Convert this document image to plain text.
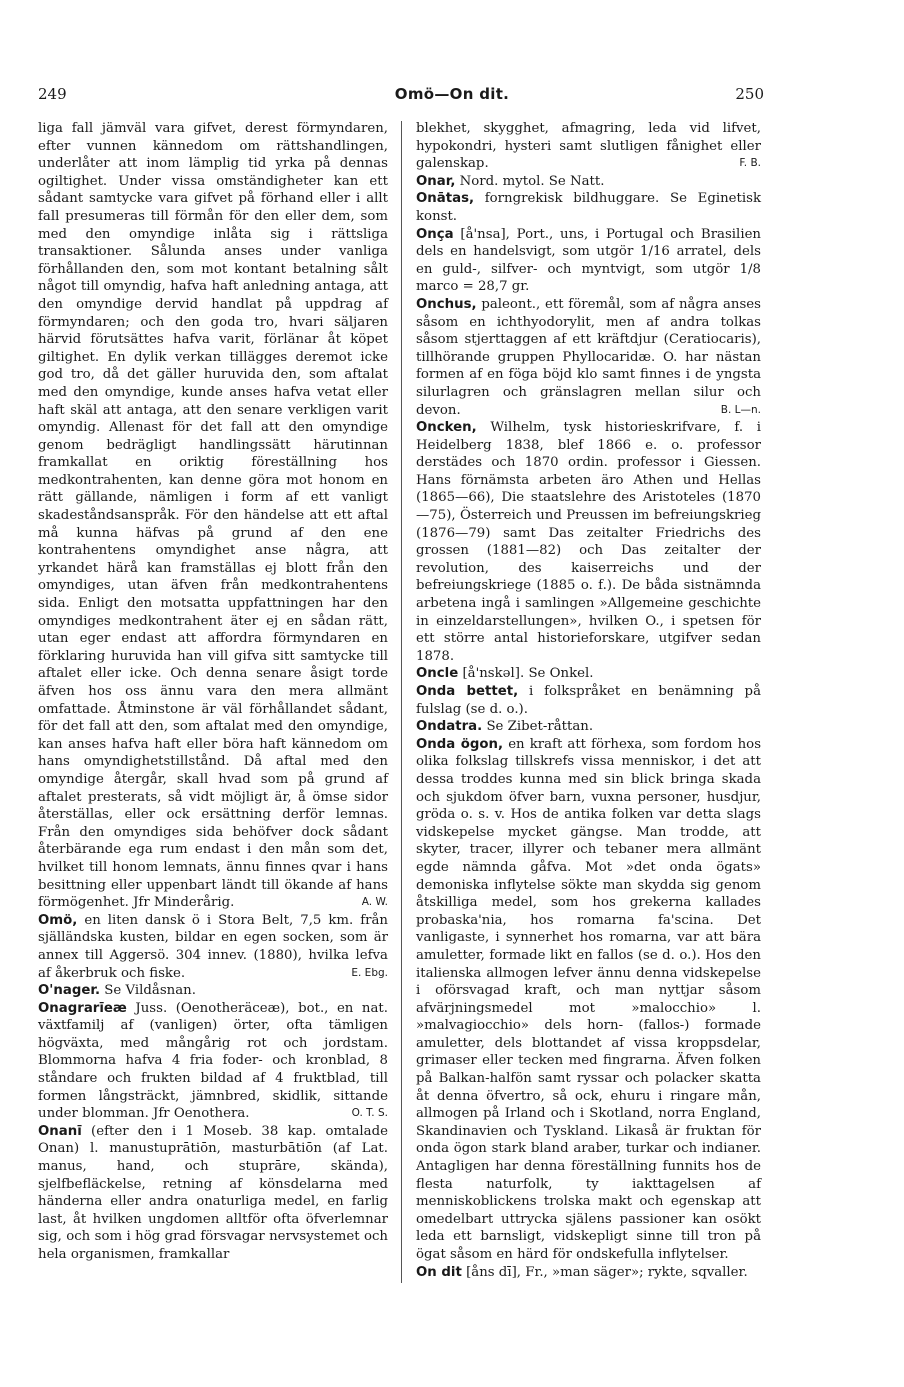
249	Omö—On dit.	250

liga fall jämväl vara gifvet, derest förmyndaren, efter vunnen kännedom om rättshandlingen, underlåter att inom lämplig tid yrka på dennas ogiltighet. Under vissa omständigheter kan ett sådant samtycke vara gifvet på förhand eller i allt fall presumeras till förmån för den eller dem, som med den omyndige inlåta sig i rättsliga transaktioner. Sålunda anses under vanliga förhållanden den, som mot kontant betalning sålt något till omyndig, hafva haft anledning antaga, att den omyndige dervid handlat på uppdrag af förmyndaren; och den goda tro, hvari säljaren härvid förutsättes hafva varit, förlänar åt köpet giltighet. En dylik verkan tillägges deremot icke god tro, då det gäller huruvida den, som aftalat med den omyndige, kunde anses hafva vetat eller haft skäl att antaga, att den senare verkligen varit omyndig. Allenast för det fall att den omyndige genom bedrägligt handlingssätt härutinnan framkallat en oriktig föreställning hos medkontrahenten, kan denne göra mot honom en rätt gällande, nämligen i form af ett vanligt skadeståndsanspråk. För den händelse att ett aftal må kunna häfvas på grund af den ene kontrahentens omyndighet anse några, att yrkandet härå kan framställas ej blott från den omyndiges, utan äfven från medkontrahentens sida. Enligt den motsatta uppfattningen har den omyndiges medkontrahent äter ej en sådan rätt, utan eger endast att affordra förmyndaren en förklaring huruvida han vill gifva sitt samtycke till aftalet eller icke. Och denna senare åsigt torde äfven hos oss ännu vara den mera allmänt omfattade. Åtminstone är väl förhållandet sådant, för det fall att den, som aftalat med den omyndige, kan anses hafva haft eller böra haft kännedom om hans omyndighetstillstånd. Då aftal med den omyndige återgår, skall hvad som på grund af aftalet presterats, så vidt möjligt är, å ömse sidor återställas, eller ock ersättning derför lemnas. Från den omyndiges sida behöfver dock sådant återbärande ega rum endast i den mån som det, hvilket till honom lemnats, ännu finnes qvar i hans besittning eller uppenbart ländt till ökande af hans förmögenhet. Jfr Minderårig.	A. W.

Omö, en liten dansk ö i Stora Belt, 7,5 km. från själländska kusten, bildar en egen socken, som är annex till Aggersö. 304 innev. (1880), hvilka lefva af åkerbruk och fiske.	E. Ebg.

O'nager. Se Vildåsnan.

Onagrarīeæ Juss. (Oenotheräceæ), bot., en nat. växtfamilj af (vanligen) örter, ofta tämligen högväxta, med mångårig rot och jordstam. Blommorna hafva 4 fria foder- och kronblad, 8 ståndare och frukten bildad af 4 fruktblad, till formen långsträckt, jämnbred, skidlik, sittande under blomman. Jfr Oenothera.	O. T. S.

Onanī (efter den i 1 Moseb. 38 kap. omtalade Onan) l. manustuprātiōn, masturbātiōn (af Lat. manus, hand, och stuprāre, skända), sjelfbefläckelse, retning af könsdelarna med händerna eller andra onaturliga medel, en farlig last, åt hvilken ungdomen alltför ofta öfverlemnar sig, och som i hög grad försvagar nervsystemet och hela organismen, framkallar

blekhet, skygghet, afmagring, leda vid lifvet, hypokondri, hysteri samt slutligen fånighet eller galenskap.	F. B.

Onar, Nord. mytol. Se Natt.

Onātas, forngrekisk bildhuggare. Se Eginetisk konst.

Onça [å'nsa], Port., uns, i Portugal och Brasilien dels en handelsvigt, som utgör 1/16 arratel, dels en guld-, silfver- och myntvigt, som utgör 1/8 marco = 28,7 gr.

Onchus, paleont., ett föremål, som af några anses såsom en ichthyodorylit, men af andra tolkas såsom stjerttaggen af ett kräftdjur (Ceratiocaris), tillhörande gruppen Phyllocaridæ. O. har nästan formen af en föga böjd klo samt finnes i de yngsta silurlagren och gränslagren mellan silur och devon.	B. L—n.

Oncken, Wilhelm, tysk historieskrifvare, f. i Heidelberg 1838, blef 1866 e. o. professor derstädes och 1870 ordin. professor i Giessen. Hans förnämsta arbeten äro Athen und Hellas (1865—66), Die staatslehre des Aristoteles (1870—75), Österreich und Preussen im befreiungskrieg (1876—79) samt Das zeitalter Friedrichs des grossen (1881—82) och Das zeitalter der revolution, des kaiserreichs und der befreiungskriege (1885 o. f.). De båda sistnämnda arbetena ingå i samlingen »Allgemeine geschichte in einzeldarstellungen», hvilken O., i spetsen för ett större antal historieforskare, utgifver sedan 1878.

Oncle [å'nskəl]. Se Onkel.

Onda bettet, i folkspråket en benämning på fulslag (se d. o.).

Ondatra. Se Zibet-råttan.

Onda ögon, en kraft att förhexa, som fordom hos olika folkslag tillskrefs vissa menniskor, i det att dessa troddes kunna med sin blick bringa skada och sjukdom öfver barn, vuxna personer, husdjur, gröda o. s. v. Hos de antika folken var detta slags vidskepelse mycket gängse. Man trodde, att skyter, tracer, illyrer och tebaner mera allmänt egde nämnda gåfva. Mot »det onda ögats» demoniska inflytelse sökte man skydda sig genom åtskilliga medel, som hos grekerna kallades probaska'nia, hos romarna fa'scina. Det vanligaste, i synnerhet hos romarna, var att bära amuletter, formade likt en fallos (se d. o.). Hos den italienska allmogen lefver ännu denna vidskepelse i oförsvagad kraft, och man nyttjar såsom afvärjningsmedel mot »malocchio» l. »malvagiocchio» dels horn- (fallos-) formade amuletter, dels blottandet af vissa kroppsdelar, grimaser eller tecken med fingrarna. Äfven folken på Balkan-halfön samt ryssar och polacker skatta åt denna öfvertro, så ock, ehuru i ringare mån, allmogen på Irland och i Skotland, norra England, Skandinavien och Tyskland. Likaså är fruktan för onda ögon stark bland araber, turkar och indianer. Antagligen har denna föreställning funnits hos de flesta naturfolk, ty iakttagelsen af menniskoblickens trolska makt och egenskap att omedelbart uttrycka själens passioner kan osökt leda ett barnsligt, vidskepligt sinne till tron på ögat såsom en härd för ondskefulla inflytelser.

On dit [åns dī], Fr., »man säger»; rykte, sqvaller.
